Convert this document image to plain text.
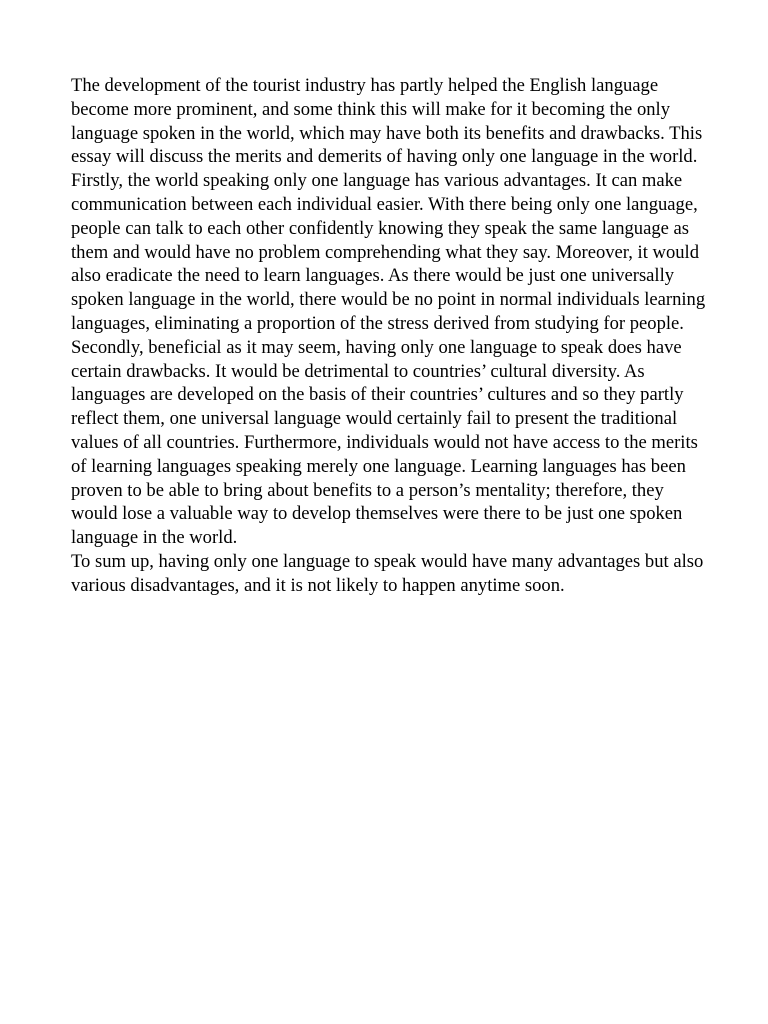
The development of the tourist industry has partly helped the English language become more prominent, and some think this will make for it becoming the only language spoken in the world, which may have both its benefits and drawbacks. This essay will discuss the merits and demerits of having only one language in the world.

Firstly, the world speaking only one language has various advantages. It can make communication between each individual easier. With there being only one language, people can talk to each other confidently knowing they speak the same language as them and would have no problem comprehending what they say. Moreover, it would also eradicate the need to learn languages. As there would be just one universally spoken language in the world, there would be no point in normal individuals learning languages, eliminating a proportion of the stress derived from studying for people.

Secondly, beneficial as it may seem, having only one language to speak does have certain drawbacks. It would be detrimental to countries’ cultural diversity. As languages are developed on the basis of their countries’ cultures and so they partly reflect them, one universal language would certainly fail to present the traditional values of all countries. Furthermore, individuals would not have access to the merits of learning languages speaking merely one language. Learning languages has been proven to be able to bring about benefits to a person’s mentality; therefore, they would lose a valuable way to develop themselves were there to be just one spoken language in the world.

To sum up, having only one language to speak would have many advantages but also various disadvantages, and it is not likely to happen anytime soon.
